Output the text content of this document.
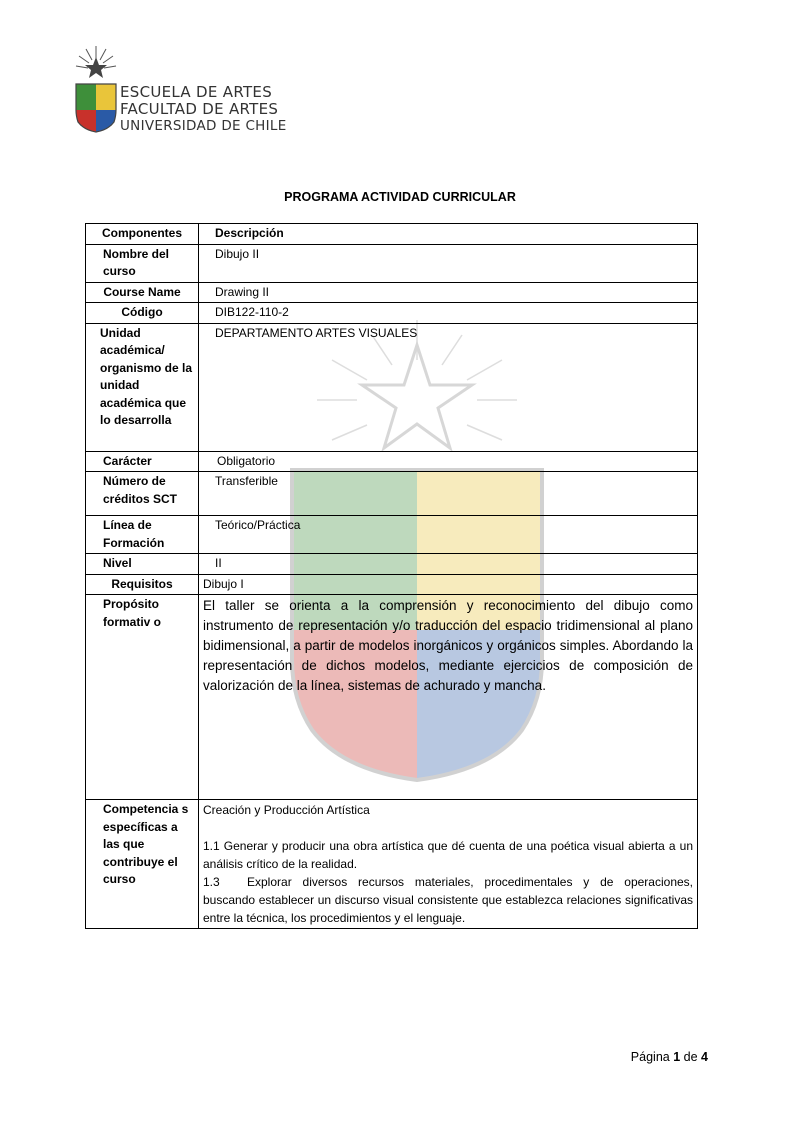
ESCUELA DE ARTES
FACULTAD DE ARTES
UNIVERSIDAD DE CHILE
PROGRAMA ACTIVIDAD CURRICULAR
Componentes	Descripción

Nombre del curso	Dibujo II

Course Name	Drawing II

Código	DIB122-110-2

Unidad académica/ organismo de la unidad académica que lo desarrolla	DEPARTAMENTO ARTES VISUALES

Carácter	Obligatorio

Número de créditos SCT	Transferible

Línea de Formación	Teórico/Práctica

Nivel	II

Requisitos	Dibujo I

Propósito formativ o	El taller se orienta a la comprensión y reconocimiento del dibujo como instrumento de representación y/o traducción del espacio tridimensional al plano bidimensional, a partir de modelos inorgánicos y orgánicos simples. Abordando la representación de dichos modelos, mediante ejercicios de composición de valorización de la línea, sistemas de achurado y mancha.

Competencia s específicas a las que contribuye el curso	Creación y Producción Artística
1.1 Generar y producir una obra artística que dé cuenta de una poética visual abierta a un análisis crítico de la realidad.
1.3 Explorar diversos recursos materiales, procedimentales y de operaciones, buscando establecer un discurso visual consistente que establezca relaciones significativas entre la técnica, los procedimientos y el lenguaje.
Página 1 de 4
